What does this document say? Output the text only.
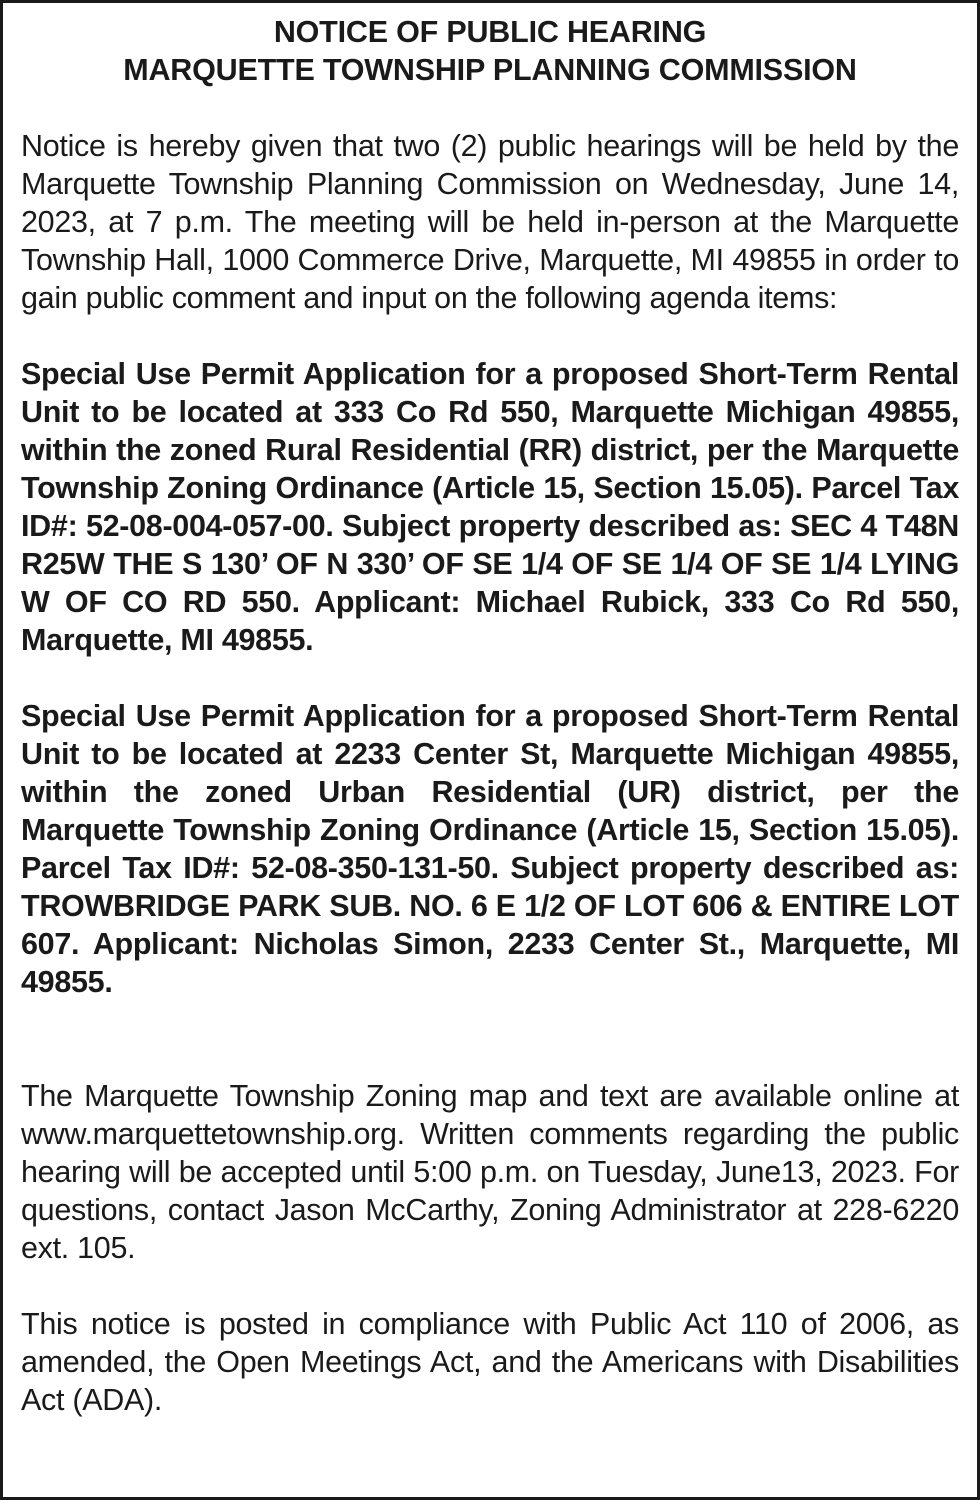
NOTICE OF PUBLIC HEARING

MARQUETTE TOWNSHIP PLANNING COMMISSION

Notice is hereby given that two (2) public hearings will be held by the Marquette Township Planning Commission on Wednesday, June 14, 2023, at 7 p.m. The meeting will be held in-person at the Marquette Township Hall, 1000 Commerce Drive, Marquette, MI 49855 in order to gain public comment and input on the following agenda items:

Special Use Permit Application for a proposed Short-Term Rental Unit to be located at 333 Co Rd 550, Marquette Michigan 49855, within the zoned Rural Residential (RR) district, per the Marquette Township Zoning Ordinance (Article 15, Section 15.05). Parcel Tax ID#: 52-08-004-057-00. Subject property described as: SEC 4 T48N R25W THE S 130’ OF N 330’ OF SE 1/4 OF SE 1/4 OF SE 1/4 LYING W OF CO RD 550. Applicant: Michael Rubick, 333 Co Rd 550, Marquette, MI 49855.

Special Use Permit Application for a proposed Short-Term Rental Unit to be located at 2233 Center St, Marquette Michigan 49855, within the zoned Urban Residential (UR) district, per the Marquette Township Zoning Ordinance (Article 15, Section 15.05). Parcel Tax ID#: 52-08-350-131-50. Subject property described as: TROWBRIDGE PARK SUB. NO. 6 E 1/2 OF LOT 606 & ENTIRE LOT 607. Applicant: Nicholas Simon, 2233 Center St., Marquette, MI 49855.

The Marquette Township Zoning map and text are available online at www.marquettetownship.org. Written comments regarding the public hearing will be accepted until 5:00 p.m. on Tuesday, June13, 2023. For questions, contact Jason McCarthy, Zoning Administrator at 228-6220 ext. 105.

This notice is posted in compliance with Public Act 110 of 2006, as amended, the Open Meetings Act, and the Americans with Disabilities Act (ADA).
